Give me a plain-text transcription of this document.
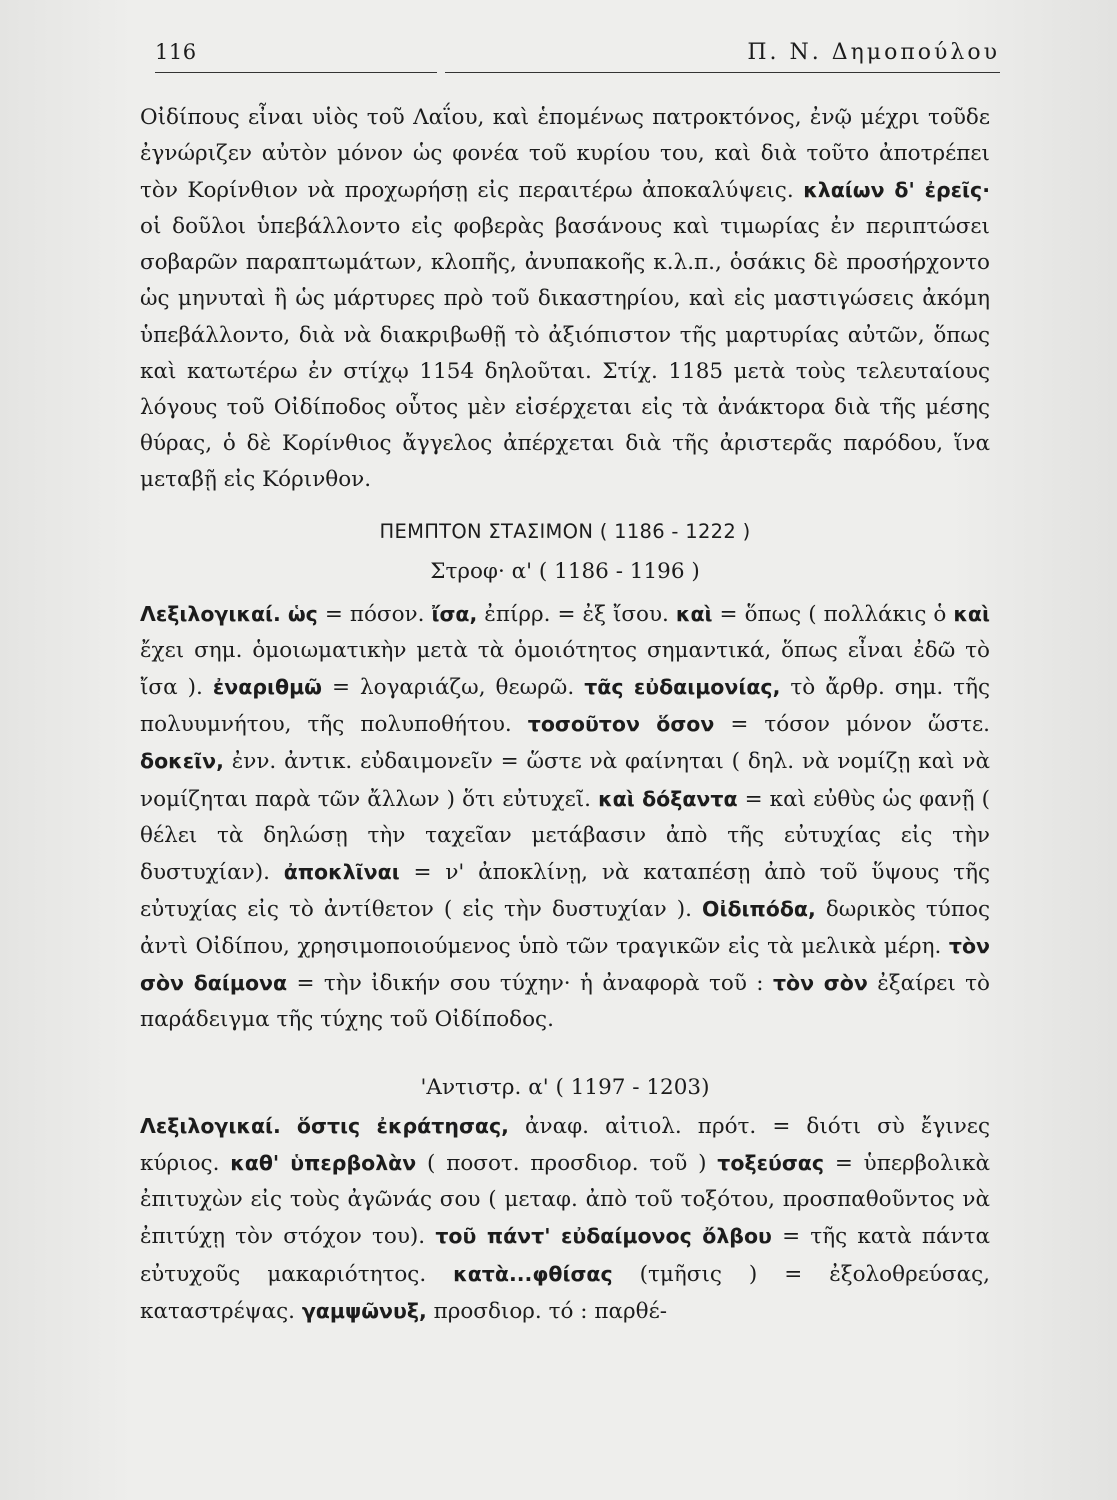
116	Π. Ν. Δημοπούλου

Οἰδίπους εἶναι υἱὸς τοῦ Λαΐου, καὶ ἑπομένως πατροκτόνος, ἐνῷ μέχρι τοῦδε ἐγνώριζεν αὐτὸν μόνον ὡς φονέα τοῦ κυρίου του, καὶ διὰ τοῦτο ἀποτρέπει τὸν Κορίνθιον νὰ προχωρήσῃ εἰς περαιτέρω ἀποκαλύψεις. κλαίων δ' ἐρεῖς· οἱ δοῦλοι ὑπεβάλλοντο εἰς φοβερὰς βασάνους καὶ τιμωρίας ἐν περιπτώσει σοβαρῶν παραπτωμάτων, κλοπῆς, ἀνυπακοῆς κ.λ.π., ὁσάκις δὲ προσήρχοντο ὡς μηνυταὶ ἢ ὡς μάρτυρες πρὸ τοῦ δικαστηρίου, καὶ εἰς μαστιγώσεις ἀκόμη ὑπεβάλλοντο, διὰ νὰ διακριβωθῇ τὸ ἀξιόπιστον τῆς μαρτυρίας αὐτῶν, ὅπως καὶ κατωτέρω ἐν στίχῳ 1154 δηλοῦται. Στίχ. 1185 μετὰ τοὺς τελευταίους λόγους τοῦ Οἰδίποδος οὗτος μὲν εἰσέρχεται εἰς τὰ ἀνάκτορα διὰ τῆς μέσης θύρας, ὁ δὲ Κορίνθιος ἄγγελος ἀπέρχεται διὰ τῆς ἀριστερᾶς παρόδου, ἵνα μεταβῇ εἰς Κόρινθον.

ΠΕΜΠΤΟΝ ΣΤΑΣΙΜΟΝ ( 1186 - 1222 )

Στροφ· α' ( 1186 - 1196 )

Λεξιλογικαί. ὡς = πόσον. ἴσα, ἐπίρρ. = ἐξ ἴσου. καὶ = ὅπως ( πολλάκις ὁ καὶ ἔχει σημ. ὁμοιωματικὴν μετὰ τὰ ὁμοιότητος σημαντικά, ὅπως εἶναι ἐδῶ τὸ ἴσα ). ἐναριθμῶ = λογαριάζω, θεωρῶ. τᾶς εὐδαιμονίας, τὸ ἄρθρ. σημ. τῆς πολυυμνήτου, τῆς πολυποθήτου. τοσοῦτον ὅσον = τόσον μόνον ὥστε. δοκεῖν, ἐνν. ἀντικ. εὐδαιμονεῖν = ὥστε νὰ φαίνηται ( δηλ. νὰ νομίζῃ καὶ νὰ νομίζηται παρὰ τῶν ἄλλων ) ὅτι εὐτυχεῖ. καὶ δόξαντα = καὶ εὐθὺς ὡς φανῇ ( θέλει τὰ δηλώσῃ τὴν ταχεῖαν μετάβασιν ἀπὸ τῆς εὐτυχίας εἰς τὴν δυστυχίαν). ἀποκλῖναι = ν' ἀποκλίνῃ, νὰ καταπέσῃ ἀπὸ τοῦ ὕψους τῆς εὐτυχίας εἰς τὸ ἀντίθετον ( εἰς τὴν δυστυχίαν ). Οἰδιπόδα, δωρικὸς τύπος ἀντὶ Οἰδίπου, χρησιμοποιούμενος ὑπὸ τῶν τραγικῶν εἰς τὰ μελικὰ μέρη. τὸν σὸν δαίμονα = τὴν ἰδικήν σου τύχην· ἡ ἀναφορὰ τοῦ : τὸν σὸν ἐξαίρει τὸ παράδειγμα τῆς τύχης τοῦ Οἰδίποδος.

'Αντιστρ. α' ( 1197 - 1203)

Λεξιλογικαί. ὅστις ἐκράτησας, ἀναφ. αἰτιολ. πρότ. = διότι σὺ ἔγινες κύριος. καθ' ὑπερβολὰν ( ποσοτ. προσδιορ. τοῦ ) τοξεύσας = ὑπερβολικὰ ἐπιτυχὼν εἰς τοὺς ἀγῶνάς σου ( μεταφ. ἀπὸ τοῦ τοξότου, προσπαθοῦντος νὰ ἐπιτύχῃ τὸν στόχον του). τοῦ πάντ' εὐδαίμονος ὄλβου = τῆς κατὰ πάντα εὐτυχοῦς μακαριότητος. κατὰ...φθίσας (τμῆσις ) = ἐξολοθρεύσας, καταστρέψας. γαμψῶνυξ, προσδιορ. τό : παρθέ-
